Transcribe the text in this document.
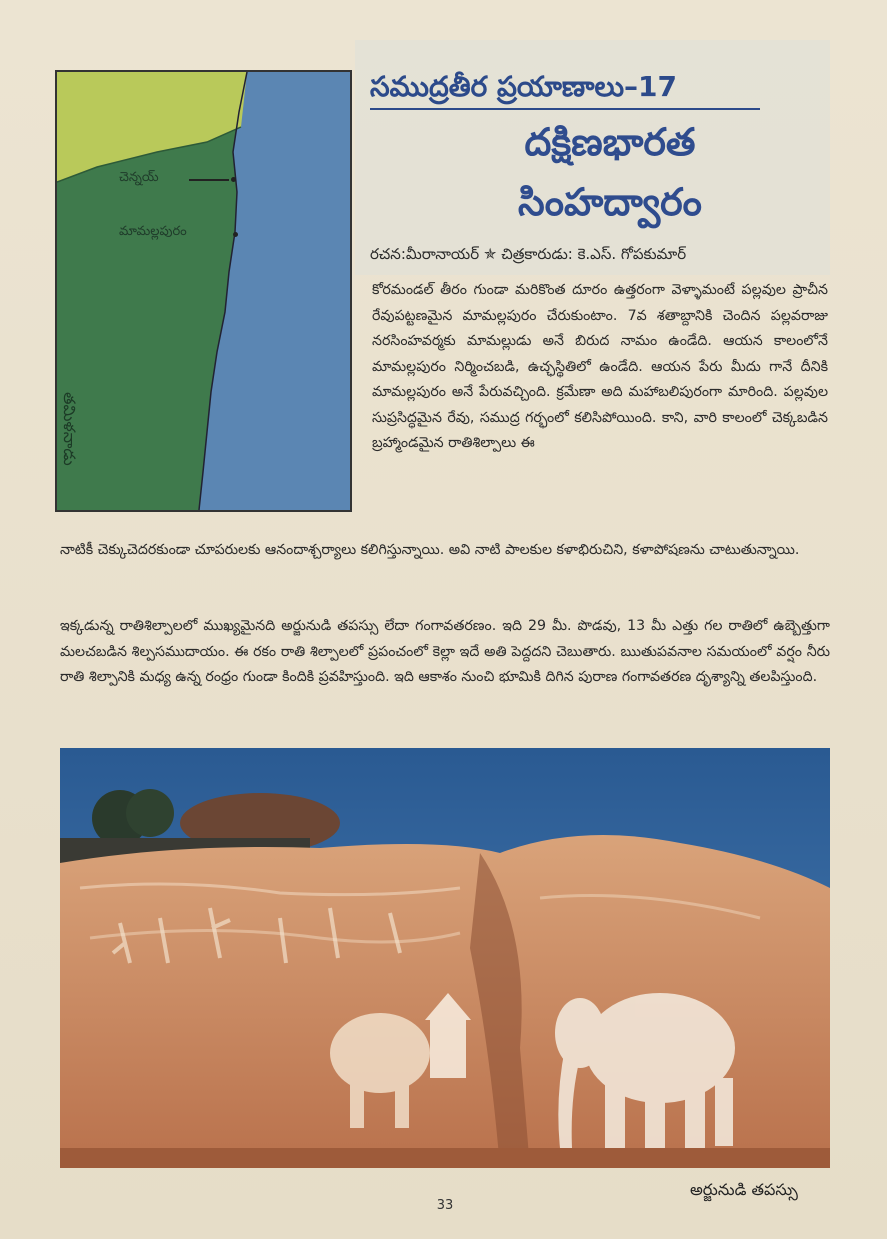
చెన్నయ్
మామల్లపురం
తమిళనాడు
సముద్రతీర ప్రయాణాలు–17
దక్షిణభారత
సింహద్వారం
రచన:మీరానాయర్ ✯ చిత్రకారుడు: కె.ఎస్. గోపకుమార్
కోరమండల్ తీరం గుండా మరికొంత దూరం ఉత్తరంగా వెళ్ళామంటే పల్లవుల ప్రాచీన రేవుపట్టణమైన మామల్లపురం చేరుకుంటాం. 7వ శతాబ్దానికి చెందిన పల్లవరాజు నరసింహవర్మకు మామల్లుడు అనే బిరుద నామం ఉండేది. ఆయన కాలంలోనే మామల్లపురం నిర్మించబడి, ఉచ్ఛస్థితిలో ఉండేది. ఆయన పేరు మీదు గానే దీనికి మామల్లపురం అనే పేరువచ్చింది. క్రమేణా అది మహాబలిపురంగా మారింది. పల్లవుల సుప్రసిద్ధమైన రేవు, సముద్ర గర్భంలో కలిసిపోయింది. కాని, వారి కాలంలో చెక్కబడిన బ్రహ్మాండమైన రాతిశిల్పాలు ఈ
నాటికీ చెక్కుచెదరకుండా చూపరులకు ఆనందాశ్చర్యాలు కలిగిస్తున్నాయి. అవి నాటి పాలకుల కళాభిరుచిని, కళాపోషణను చాటుతున్నాయి.
ఇక్కడున్న రాతిశిల్పాలలో ముఖ్యమైనది అర్జునుడి తపస్సు లేదా గంగావతరణం. ఇది 29 మీ. పొడవు, 13 మీ ఎత్తు గల రాతిలో ఉబ్బెత్తుగా మలచబడిన శిల్పసముదాయం. ఈ రకం రాతి శిల్పాలలో ప్రపంచంలో కెల్లా ఇదే అతి పెద్దదని చెబుతారు. ఋతుపవనాల సమయంలో వర్షం నీరు రాతి శిల్పానికి మధ్య ఉన్న రంధ్రం గుండా కిందికి ప్రవహిస్తుంది. ఇది ఆకాశం నుంచి భూమికి దిగిన పురాణ గంగావతరణ దృశ్యాన్ని తలపిస్తుంది.
అర్జునుడి తపస్సు
33
